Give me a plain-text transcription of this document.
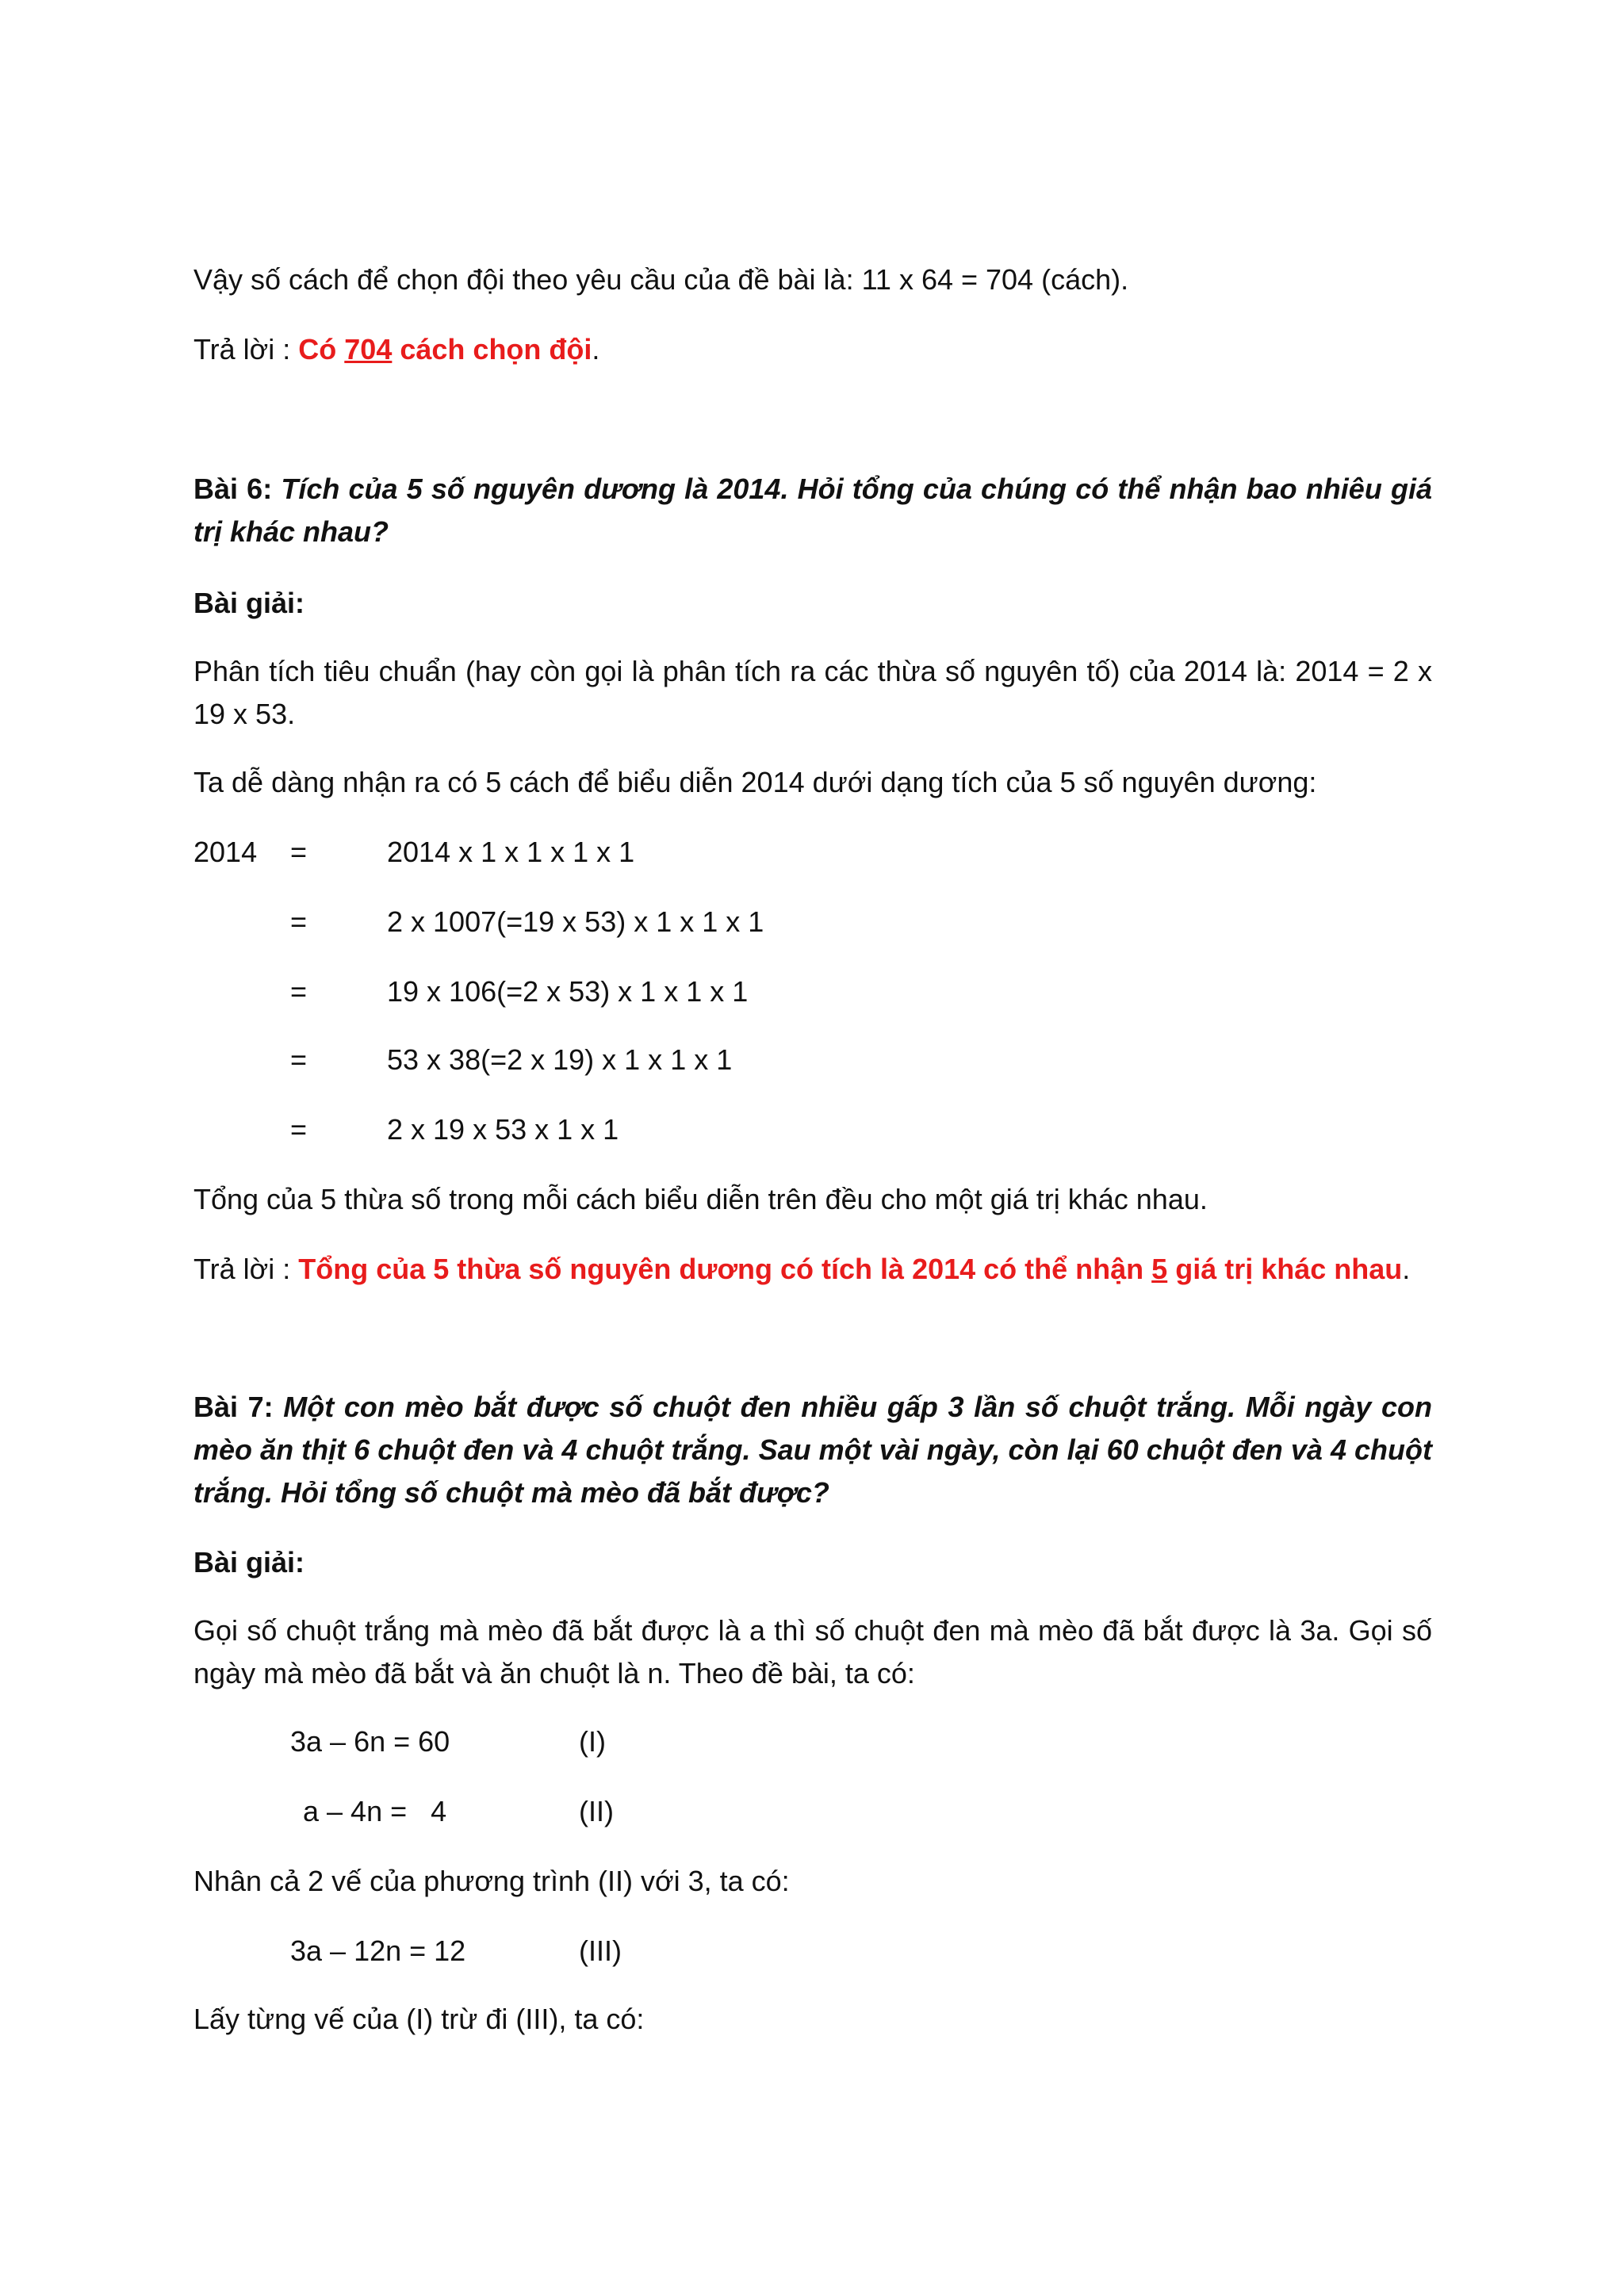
Vậy số cách để chọn đội theo yêu cầu của đề bài là: 11 x 64 = 704 (cách).
Trả lời : Có 704 cách chọn đội.
Bài 6: Tích của 5 số nguyên dương là 2014. Hỏi tổng của chúng có thể nhận bao nhiêu giá trị khác nhau?
Bài giải:
Phân tích tiêu chuẩn (hay còn gọi là phân tích ra các thừa số nguyên tố) của 2014 là: 2014 = 2 x 19 x 53.
Ta dễ dàng nhận ra có 5 cách để biểu diễn 2014 dưới dạng tích của 5 số nguyên dương:
2014 =	2014 x 1 x 1 x 1 x 1
=	2 x 1007(=19 x 53) x 1 x 1 x 1
=	19 x 106(=2 x 53) x 1 x 1 x 1
=	53 x 38(=2 x 19) x 1 x 1 x 1
=	2 x 19 x 53 x 1 x 1
Tổng của 5 thừa số trong mỗi cách biểu diễn trên đều cho một giá trị khác nhau.
Trả lời : Tổng của 5 thừa số nguyên dương có tích là 2014 có thể nhận 5 giá trị khác nhau.
Bài 7: Một con mèo bắt được số chuột đen nhiều gấp 3 lần số chuột trắng. Mỗi ngày con mèo ăn thịt 6 chuột đen và 4 chuột trắng. Sau một vài ngày, còn lại 60 chuột đen và 4 chuột trắng. Hỏi tổng số chuột mà mèo đã bắt được?
Bài giải:
Gọi số chuột trắng mà mèo đã bắt được là a thì số chuột đen mà mèo đã bắt được là 3a. Gọi số ngày mà mèo đã bắt và ăn chuột là n. Theo đề bài, ta có:
3a – 6n = 60	(I)
a – 4n =   4	(II)
Nhân cả 2 vế của phương trình (II) với 3, ta có:
3a – 12n = 12	(III)
Lấy từng vế của (I) trừ đi (III), ta có:
